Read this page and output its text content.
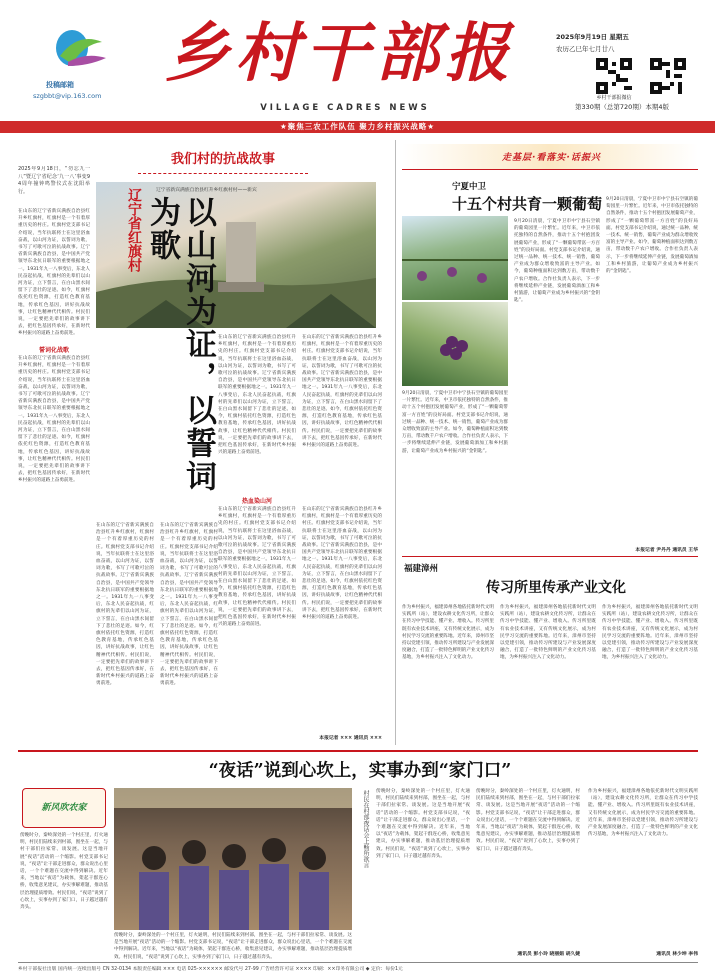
投稿邮箱
szgbbt@vip.163.com
乡村干部报
VILLAGE CADRES NEWS
2025年9月19日 星期五
农历乙巳年七月廿八
第330期（总第720期）本期4版
乡村干部报微信
★聚焦三农工作队伍 聚力乡村振兴战略★
我们村的抗战故事
2025年9月18日，“勿忘九一八”暨辽宁省纪念‘九一八’事变94周年撞钟鸣警仪式在沈阳举行。
在山东的辽宁省新宾满族自治县红升乡红旗村，红旗村是一个有着厚重历史的村庄。红旗村党支部书记介绍说，当年抗联将士在这里浴血奋战，以山河为证，以誓词为歌，书写了可歌可泣的抗战故事。辽宁省新宾满族自治县，是中国共产党领导东北抗日联军的重要根据地之一。1931年九一八事变后，东北人民奋起抗战，红旗村的先辈们以山河为证，立下誓言，在白山黑水间留下了悲壮的足迹。如今，红旗村依托红色资源，打造红色教育基地，传承红色基因，讲好抗战故事，让红色精神代代相传。村民们说，一定要把先辈们的故事讲下去，把红色基因传承好，在新时代乡村振兴的道路上奋勇前进。
誓词化战歌
在山东的辽宁省新宾满族自治县红升乡红旗村，红旗村是一个有着厚重历史的村庄。红旗村党支部书记介绍说，当年抗联将士在这里浴血奋战，以山河为证，以誓词为歌，书写了可歌可泣的抗战故事。辽宁省新宾满族自治县，是中国共产党领导东北抗日联军的重要根据地之一。1931年九一八事变后，东北人民奋起抗战，红旗村的先辈们以山河为证，立下誓言，在白山黑水间留下了悲壮的足迹。如今，红旗村依托红色资源，打造红色教育基地，传承红色基因，讲好抗战故事，让红色精神代代相传。村民们说，一定要把先辈们的故事讲下去，把红色基因传承好，在新时代乡村振兴的道路上奋勇前进。
辽宁省新宾满族自治县红升乡红旗村村——新宾
辽宁省红旗村	以山河为证，以誓词为歌
在山东的辽宁省新宾满族自治县红升乡红旗村，红旗村是一个有着厚重历史的村庄。红旗村党支部书记介绍说，当年抗联将士在这里浴血奋战，以山河为证，以誓词为歌，书写了可歌可泣的抗战故事。辽宁省新宾满族自治县，是中国共产党领导东北抗日联军的重要根据地之一。1931年九一八事变后，东北人民奋起抗战，红旗村的先辈们以山河为证，立下誓言，在白山黑水间留下了悲壮的足迹。如今，红旗村依托红色资源，打造红色教育基地，传承红色基因，讲好抗战故事，让红色精神代代相传。村民们说，一定要把先辈们的故事讲下去，把红色基因传承好，在新时代乡村振兴的道路上奋勇前进。
在山东的辽宁省新宾满族自治县红升乡红旗村，红旗村是一个有着厚重历史的村庄。红旗村党支部书记介绍说，当年抗联将士在这里浴血奋战，以山河为证，以誓词为歌，书写了可歌可泣的抗战故事。辽宁省新宾满族自治县，是中国共产党领导东北抗日联军的重要根据地之一。1931年九一八事变后，东北人民奋起抗战，红旗村的先辈们以山河为证，立下誓言，在白山黑水间留下了悲壮的足迹。如今，红旗村依托红色资源，打造红色教育基地，传承红色基因，讲好抗战故事，让红色精神代代相传。村民们说，一定要把先辈们的故事讲下去，把红色基因传承好，在新时代乡村振兴的道路上奋勇前进。
热血染山河
在山东的辽宁省新宾满族自治县红升乡红旗村，红旗村是一个有着厚重历史的村庄。红旗村党支部书记介绍说，当年抗联将士在这里浴血奋战，以山河为证，以誓词为歌，书写了可歌可泣的抗战故事。辽宁省新宾满族自治县，是中国共产党领导东北抗日联军的重要根据地之一。1931年九一八事变后，东北人民奋起抗战，红旗村的先辈们以山河为证，立下誓言，在白山黑水间留下了悲壮的足迹。如今，红旗村依托红色资源，打造红色教育基地，传承红色基因，讲好抗战故事，让红色精神代代相传。村民们说，一定要把先辈们的故事讲下去，把红色基因传承好，在新时代乡村振兴的道路上奋勇前进。
在山东的辽宁省新宾满族自治县红升乡红旗村，红旗村是一个有着厚重历史的村庄。红旗村党支部书记介绍说，当年抗联将士在这里浴血奋战，以山河为证，以誓词为歌，书写了可歌可泣的抗战故事。辽宁省新宾满族自治县，是中国共产党领导东北抗日联军的重要根据地之一。1931年九一八事变后，东北人民奋起抗战，红旗村的先辈们以山河为证，立下誓言，在白山黑水间留下了悲壮的足迹。如今，红旗村依托红色资源，打造红色教育基地，传承红色基因，讲好抗战故事，让红色精神代代相传。村民们说，一定要把先辈们的故事讲下去，把红色基因传承好，在新时代乡村振兴的道路上奋勇前进。
在山东的辽宁省新宾满族自治县红升乡红旗村，红旗村是一个有着厚重历史的村庄。红旗村党支部书记介绍说，当年抗联将士在这里浴血奋战，以山河为证，以誓词为歌，书写了可歌可泣的抗战故事。辽宁省新宾满族自治县，是中国共产党领导东北抗日联军的重要根据地之一。1931年九一八事变后，东北人民奋起抗战，红旗村的先辈们以山河为证，立下誓言，在白山黑水间留下了悲壮的足迹。如今，红旗村依托红色资源，打造红色教育基地，传承红色基因，讲好抗战故事，让红色精神代代相传。村民们说，一定要把先辈们的故事讲下去，把红色基因传承好，在新时代乡村振兴的道路上奋勇前进。
在山东的辽宁省新宾满族自治县红升乡红旗村，红旗村是一个有着厚重历史的村庄。红旗村党支部书记介绍说，当年抗联将士在这里浴血奋战，以山河为证，以誓词为歌，书写了可歌可泣的抗战故事。辽宁省新宾满族自治县，是中国共产党领导东北抗日联军的重要根据地之一。1931年九一八事变后，东北人民奋起抗战，红旗村的先辈们以山河为证，立下誓言，在白山黑水间留下了悲壮的足迹。如今，红旗村依托红色资源，打造红色教育基地，传承红色基因，讲好抗战故事，让红色精神代代相传。村民们说，一定要把先辈们的故事讲下去，把红色基因传承好，在新时代乡村振兴的道路上奋勇前进。
本报记者 ××× 通讯员 ×××
走基层·看落实·话振兴
宁夏中卫
十五个村共育一颗葡萄
9月20日清晨，宁夏中卫市中宁县石空镇的葡萄园里一片繁忙。近年来，中卫市依托独特的自然条件，推动十五个村抱团发展葡萄产业，形成了“一颗葡萄带富一方百姓”的良好局面。村党支部书记介绍说，通过统一品种、统一技术、统一销售，葡萄产业成为群众增收致富的主导产业。如今，葡萄种植面积达到数万亩，带动数千户农户增收。合作社负责人表示，下一步将继续延伸产业链，发展葡萄酒加工和乡村旅游，让葡萄产业成为乡村振兴的“金钥匙”。
9月20日清晨，宁夏中卫市中宁县石空镇的葡萄园里一片繁忙。近年来，中卫市依托独特的自然条件，推动十五个村抱团发展葡萄产业，形成了“一颗葡萄带富一方百姓”的良好局面。村党支部书记介绍说，通过统一品种、统一技术、统一销售，葡萄产业成为群众增收致富的主导产业。如今，葡萄种植面积达到数万亩，带动数千户农户增收。合作社负责人表示，下一步将继续延伸产业链，发展葡萄酒加工和乡村旅游，让葡萄产业成为乡村振兴的“金钥匙”。
9月20日清晨，宁夏中卫市中宁县石空镇的葡萄园里一片繁忙。近年来，中卫市依托独特的自然条件，推动十五个村抱团发展葡萄产业，形成了“一颗葡萄带富一方百姓”的良好局面。村党支部书记介绍说，通过统一品种、统一技术、统一销售，葡萄产业成为群众增收致富的主导产业。如今，葡萄种植面积达到数万亩，带动数千户农户增收。合作社负责人表示，下一步将继续延伸产业链，发展葡萄酒加工和乡村旅游，让葡萄产业成为乡村振兴的“金钥匙”。
本报记者 尹丹丹 通讯员 王华
福建漳州
传习所里传承产业文化
作为乡村振兴，福建漳州各地依托新时代文明实践所（站），建设农耕文化传习所，让群众在传习中学技能、懂产业、增收入。传习所里既有农业技术讲座，又有传统文化展示，成为村民学习交流的重要阵地。近年来，漳州市坚持以党建引领，推动传习所建设与产业发展深度融合，打造了一批特色鲜明的产业文化传习基地，为乡村振兴注入了文化动力。
作为乡村振兴，福建漳州各地依托新时代文明实践所（站），建设农耕文化传习所，让群众在传习中学技能、懂产业、增收入。传习所里既有农业技术讲座，又有传统文化展示，成为村民学习交流的重要阵地。近年来，漳州市坚持以党建引领，推动传习所建设与产业发展深度融合，打造了一批特色鲜明的产业文化传习基地，为乡村振兴注入了文化动力。
作为乡村振兴，福建漳州各地依托新时代文明实践所（站），建设农耕文化传习所，让群众在传习中学技能、懂产业、增收入。传习所里既有农业技术讲座，又有传统文化展示，成为村民学习交流的重要阵地。近年来，漳州市坚持以党建引领，推动传习所建设与产业发展深度融合，打造了一批特色鲜明的产业文化传习基地，为乡村振兴注入了文化动力。
“夜话”说到心坎上，实事办到“家门口”
新风吹农家
傍晚时分，秦岭深处的一个村庄里，灯火通明，村民们陆续来到村部，围坐在一起，与村干部们拉家常、谈发展。这是当地开展“夜话”活动的一个缩影。村党支部书记说，“夜话”让干部走进群众，群众说出心里话，一个个难题在交流中得到解决。近年来，当地以“夜话”为载体，架起干群连心桥，收集意见建议，办实事解难题，推动基层治理提质增效。村民们说，“夜话”说到了心坎上，实事办到了家门口，日子越过越有奔头。
村民在村部夜话会上畅所欲言
傍晚时分，秦岭深处的一个村庄里，灯火通明，村民们陆续来到村部，围坐在一起，与村干部们拉家常、谈发展。这是当地开展“夜话”活动的一个缩影。村党支部书记说，“夜话”让干部走进群众，群众说出心里话，一个个难题在交流中得到解决。近年来，当地以“夜话”为载体，架起干群连心桥，收集意见建议，办实事解难题，推动基层治理提质增效。村民们说，“夜话”说到了心坎上，实事办到了家门口，日子越过越有奔头。
傍晚时分，秦岭深处的一个村庄里，灯火通明，村民们陆续来到村部，围坐在一起，与村干部们拉家常、谈发展。这是当地开展“夜话”活动的一个缩影。村党支部书记说，“夜话”让干部走进群众，群众说出心里话，一个个难题在交流中得到解决。近年来，当地以“夜话”为载体，架起干群连心桥，收集意见建议，办实事解难题，推动基层治理提质增效。村民们说，“夜话”说到了心坎上，实事办到了家门口，日子越过越有奔头。
傍晚时分，秦岭深处的一个村庄里，灯火通明，村民们陆续来到村部，围坐在一起，与村干部们拉家常、谈发展。这是当地开展“夜话”活动的一个缩影。村党支部书记说，“夜话”让干部走进群众，群众说出心里话，一个个难题在交流中得到解决。近年来，当地以“夜话”为载体，架起干群连心桥，收集意见建议，办实事解难题，推动基层治理提质增效。村民们说，“夜话”说到了心坎上，实事办到了家门口，日子越过越有奔头。
通讯员 彭小玲 晓丽娟 胡久婕
作为乡村振兴，福建漳州各地依托新时代文明实践所（站），建设农耕文化传习所，让群众在传习中学技能、懂产业、增收入。传习所里既有农业技术讲座，又有传统文化展示，成为村民学习交流的重要阵地。近年来，漳州市坚持以党建引领，推动传习所建设与产业发展深度融合，打造了一批特色鲜明的产业文化传习基地，为乡村振兴注入了文化动力。
通讯员 林少坤 李伟
乡村干部报社出版 国内统一连续出版号 CN 32-0134 本版责任编辑 ××× 电话 025-×××××× 邮发代号 27-99 广告经营许可证 ×××× 印刷：××印务有限公司 ◆ 定价：每份1元
